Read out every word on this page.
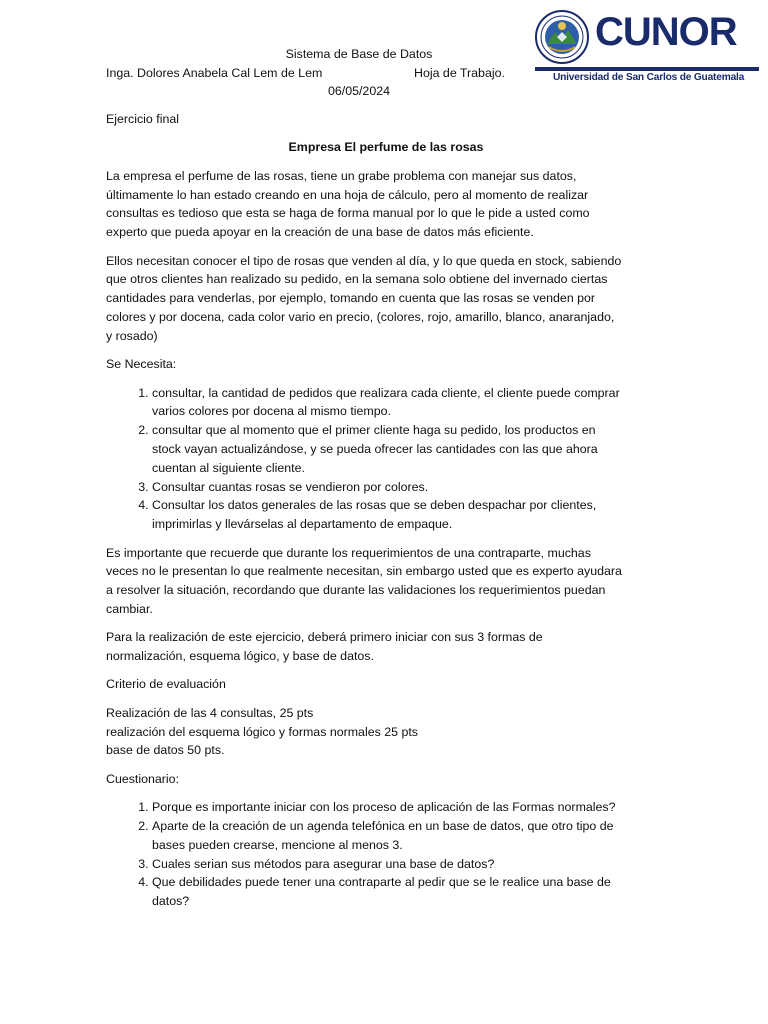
CUNOR
Universidad de San Carlos de Guatemala
Sistema de Base de Datos
Inga. Dolores Anabela Cal Lem de Lem	Hoja de Trabajo.
06/05/2024

Ejercicio final

Empresa El perfume de las rosas

La empresa el perfume de las rosas, tiene un grabe problema con manejar sus datos,
últimamente lo han estado creando en una hoja de cálculo, pero al momento de realizar
consultas es tedioso que esta se haga de forma manual por lo que le pide a usted como
experto que pueda apoyar en la creación de una base de datos más eficiente.
Ellos necesitan conocer el tipo de rosas que venden al día, y lo que queda en stock, sabiendo
que otros clientes han realizado su pedido, en la semana solo obtiene del invernado ciertas
cantidades para venderlas, por ejemplo, tomando en cuenta que las rosas se venden por
colores y por docena, cada color vario en precio, (colores, rojo, amarillo, blanco, anaranjado,
y rosado)

Se Necesita:

1. consultar, la cantidad de pedidos que realizara cada cliente, el cliente puede comprar
varios colores por docena al mismo tiempo.
2. consultar que al momento que el primer cliente haga su pedido, los productos en
stock vayan actualizándose, y se pueda ofrecer las cantidades con las que ahora
cuentan al siguiente cliente.
3. Consultar cuantas rosas se vendieron por colores.
4. Consultar los datos generales de las rosas que se deben despachar por clientes,
imprimirlas y llevárselas al departamento de empaque.
Es importante que recuerde que durante los requerimientos de una contraparte, muchas
veces no le presentan lo que realmente necesitan, sin embargo usted que es experto ayudara
a resolver la situación, recordando que durante las validaciones los requerimientos puedan
cambiar.
Para la realización de este ejercicio, deberá primero iniciar con sus 3 formas de
normalización, esquema lógico, y base de datos.

Criterio de evaluación

Realización de las 4 consultas, 25 pts
realización del esquema lógico y formas normales 25 pts
base de datos 50 pts.

Cuestionario:

1. Porque es importante iniciar con los proceso de aplicación de las Formas normales?
2. Aparte de la creación de un agenda telefónica en un base de datos, que otro tipo de
bases pueden crearse, mencione al menos 3.
3. Cuales serian sus métodos para asegurar una base de datos?
4. Que debilidades puede tener una contraparte al pedir que se le realice una base de
datos?
